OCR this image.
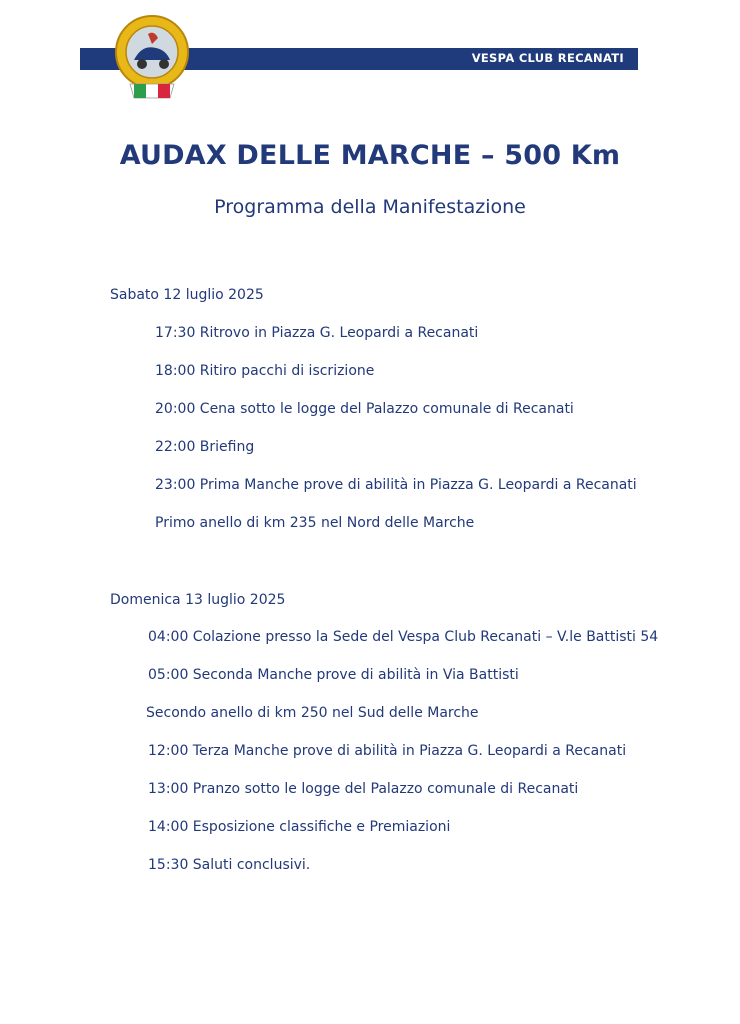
VESPA CLUB RECANATI
AUDAX DELLE MARCHE – 500 Km
Programma della Manifestazione
Sabato 12 luglio 2025
17:30 Ritrovo in Piazza G. Leopardi a Recanati
18:00 Ritiro pacchi di iscrizione
20:00 Cena sotto le logge del Palazzo comunale di Recanati
22:00 Briefing
23:00 Prima Manche prove di abilità in Piazza G. Leopardi a Recanati
Primo anello di km 235 nel Nord delle Marche
Domenica 13 luglio 2025
04:00 Colazione presso la Sede del Vespa Club Recanati – V.le Battisti 54
05:00 Seconda Manche prove di abilità in Via Battisti
Secondo anello di km 250 nel Sud delle Marche
12:00 Terza Manche prove di abilità in Piazza G. Leopardi a Recanati
13:00 Pranzo sotto le logge del Palazzo comunale di Recanati
14:00 Esposizione classifiche e Premiazioni
15:30 Saluti conclusivi.
